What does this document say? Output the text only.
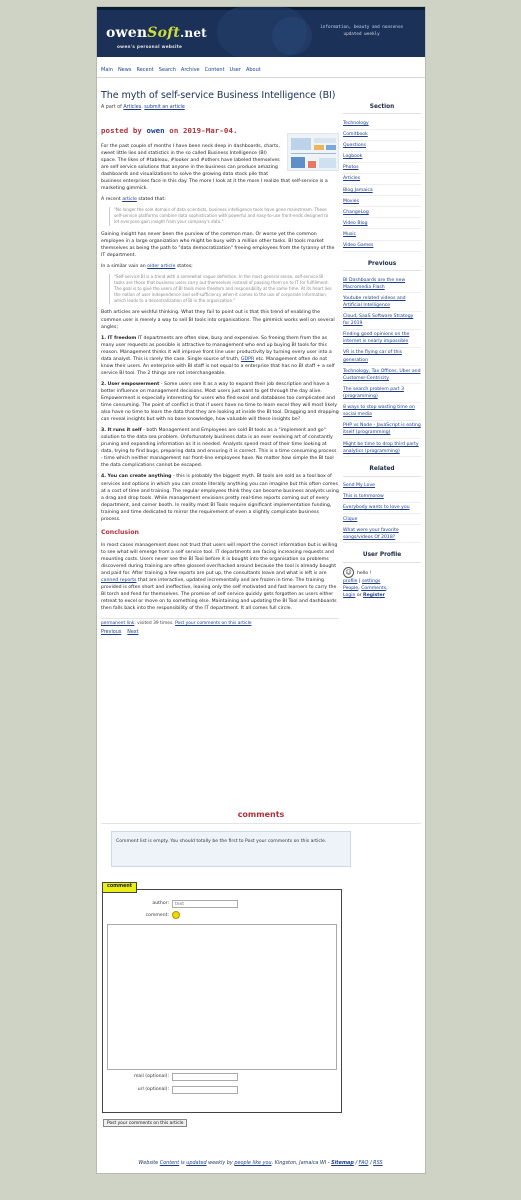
owenSoft.net
owen's personal website
information, beauty and nonsense
updated weekly
Main News Recent Search Archive Content User About
The myth of self-service Business Intelligence (BI)
A part of Articles. submit an article
posted by owen on 2019-Mar-04.

For the past couple of months I have been neck deep in dashboards, charts, sweet little lies and statistics in the so called Business Intelligence (BI) space. The likes of #tableau, #looker and #others have labeled themselves are self service solutions that anyone in the business can produce amazing dashboards and visualizations to solve the growing data stock pile that business enterprises face in this day. The more I look at it the more I realize that self-service is a marketing gimmick.

A recent article stated that:

"No longer the sole domain of data scientists, business intelligence tools have gone mainstream. These self-service platforms combine data sophistication with powerful and easy-to-use front-ends designed to let everyone gain insight from your company's data."

Gaining insight has never been the purview of the common man. Or worse yet the common employee in a large organization who might be busy with a million other tasks. BI tools market themselves as being the path to "data democratization" freeing employees from the tyranny of the IT department.

In a similar vain an older article states;

"Self-service BI is a trend with a somewhat vague definition. In the most general sense, self-service BI tasks are those that business users carry out themselves instead of passing them on to IT for fulfillment. The goal is to give the users of BI tools more freedom and responsibility at the same time. At its heart lies the notion of user independence and self-sufficiency when it comes to the use of corporate information, which leads to a decentralization of BI in the organization."

Both articles are wishful thinking. What they fail to point out is that this trend of enabling the common user is merely a way to sell BI tools into organisations. The gimmick works well on several angles;

1. IT freedom IT departments are often slow, busy and expensive. So freeing them from the as many user requests as possible is attractive to management who end up buying BI tools for this reason. Management thinks it will improve front line user productivity by turning every user into a data analyst. This is rarely the case. Single source of truth, GDPR etc. Management often do not know their users. An enterprise with BI staff is not equal to a enterprise that has no BI staff + a self service BI tool. The 2 things are not interchangeable.
2. User empowerment - Some users see it as a way to expand their job description and have a better influence on management decisions. Most users just want to get through the day alive. Empowerment is especially interesting for users who find excel and databases too complicated and time consuming. The point of conflict is that if users have no time to learn excel they will most likely also have no time to learn the data that they are looking at inside the BI tool. Dragging and dropping can reveal insights but with no base knowledge, how valuable will these insights be?
3. It runs it self - both Management and Employees are sold BI tools as a "implement and go" solution to the data sea problem. Unfortunately business data is an ever evolving art of constantly pruning and expanding information as it is needed. Analysts spend most of their time looking at data, trying to find bugs, preparing data and ensuring it is correct. This is a time consuming process - time which neither management nor front-line employees have. No matter how simple the BI tool the data complications cannot be escaped.
4. You can create anything - this is probably the biggest myth. BI tools are sold as a tool box of services and options in which you can create literally anything you can imagine but this often comes at a cost of time and training. The regular employees think they can become business analysts using a drag and drop tools. While management envisions pretty real-time reports coming out of every department, and corner booth. In reality most BI Tools require significant implementation funding, training and time dedicated to mirror the requirement of even a slightly complicate business process.
Conclusion

In most cases management does not trust that users will report the correct information but is willing to see what will emerge from a self service tool. IT departments are facing increasing requests and mounting costs. Users never see the BI Tool before it is bought into the organisation so problems discovered during training are often glossed over/hacked around because the tool is already bought and paid for. After training a few reports are put up, the consultants leave and what is left is are canned reports that are interactive, updated incrementally and are frozen in time. The training provided is often short and ineffective, leaving only the self motivated and fast learners to carry the BI torch and fend for themselves. The promise of self service quickly gets forgotten as users either retreat to excel or move on to something else. Maintaining and updating the BI Tool and dashboards then falls back into the responsibility of the IT department. It all comes full circle.

permanent link. visited 39 times. Post your comments on this article
Previous Next
Section
Technology
Comitbook
Questions
Logbook
Photos
Articles
Blog Jamaica
Movies
ChangeLog
Video Blog
Music
Video Games
Previous
BI Dashboards are the new Macromedia Flash
Youtube related videos and Artificial Intelligence
Cloud, SaaS Software Strategy for 2019
Finding good opinions on the internet is nearly impossible
VR is the flying car of this generation
Technology, Tax Offices, Uber and Customer-Centricity
The search problem part 3 (programming)
8 ways to stop wasting time on social media
PHP vs Node - JavaScript is eating itself (programming)
Might be time to drop third party analytics (programming)
Related
Send My Love
This is tommorow
Everybody wants to love you
Clique
What were your favorite songs/videos Of 2018?
User Profile
☺ hello !
profile | settings
People, Comments,
Login or Register
comments
Comment list is empty. You should totally be the first to Post your comments on this article.
comment
author:	text
comment:
mail (optional):
url (optional):
Post your comments on this article
Website Content is updated weekly by people like you. Kingston, Jamaica WI - Sitemap / FAQ / RSS
